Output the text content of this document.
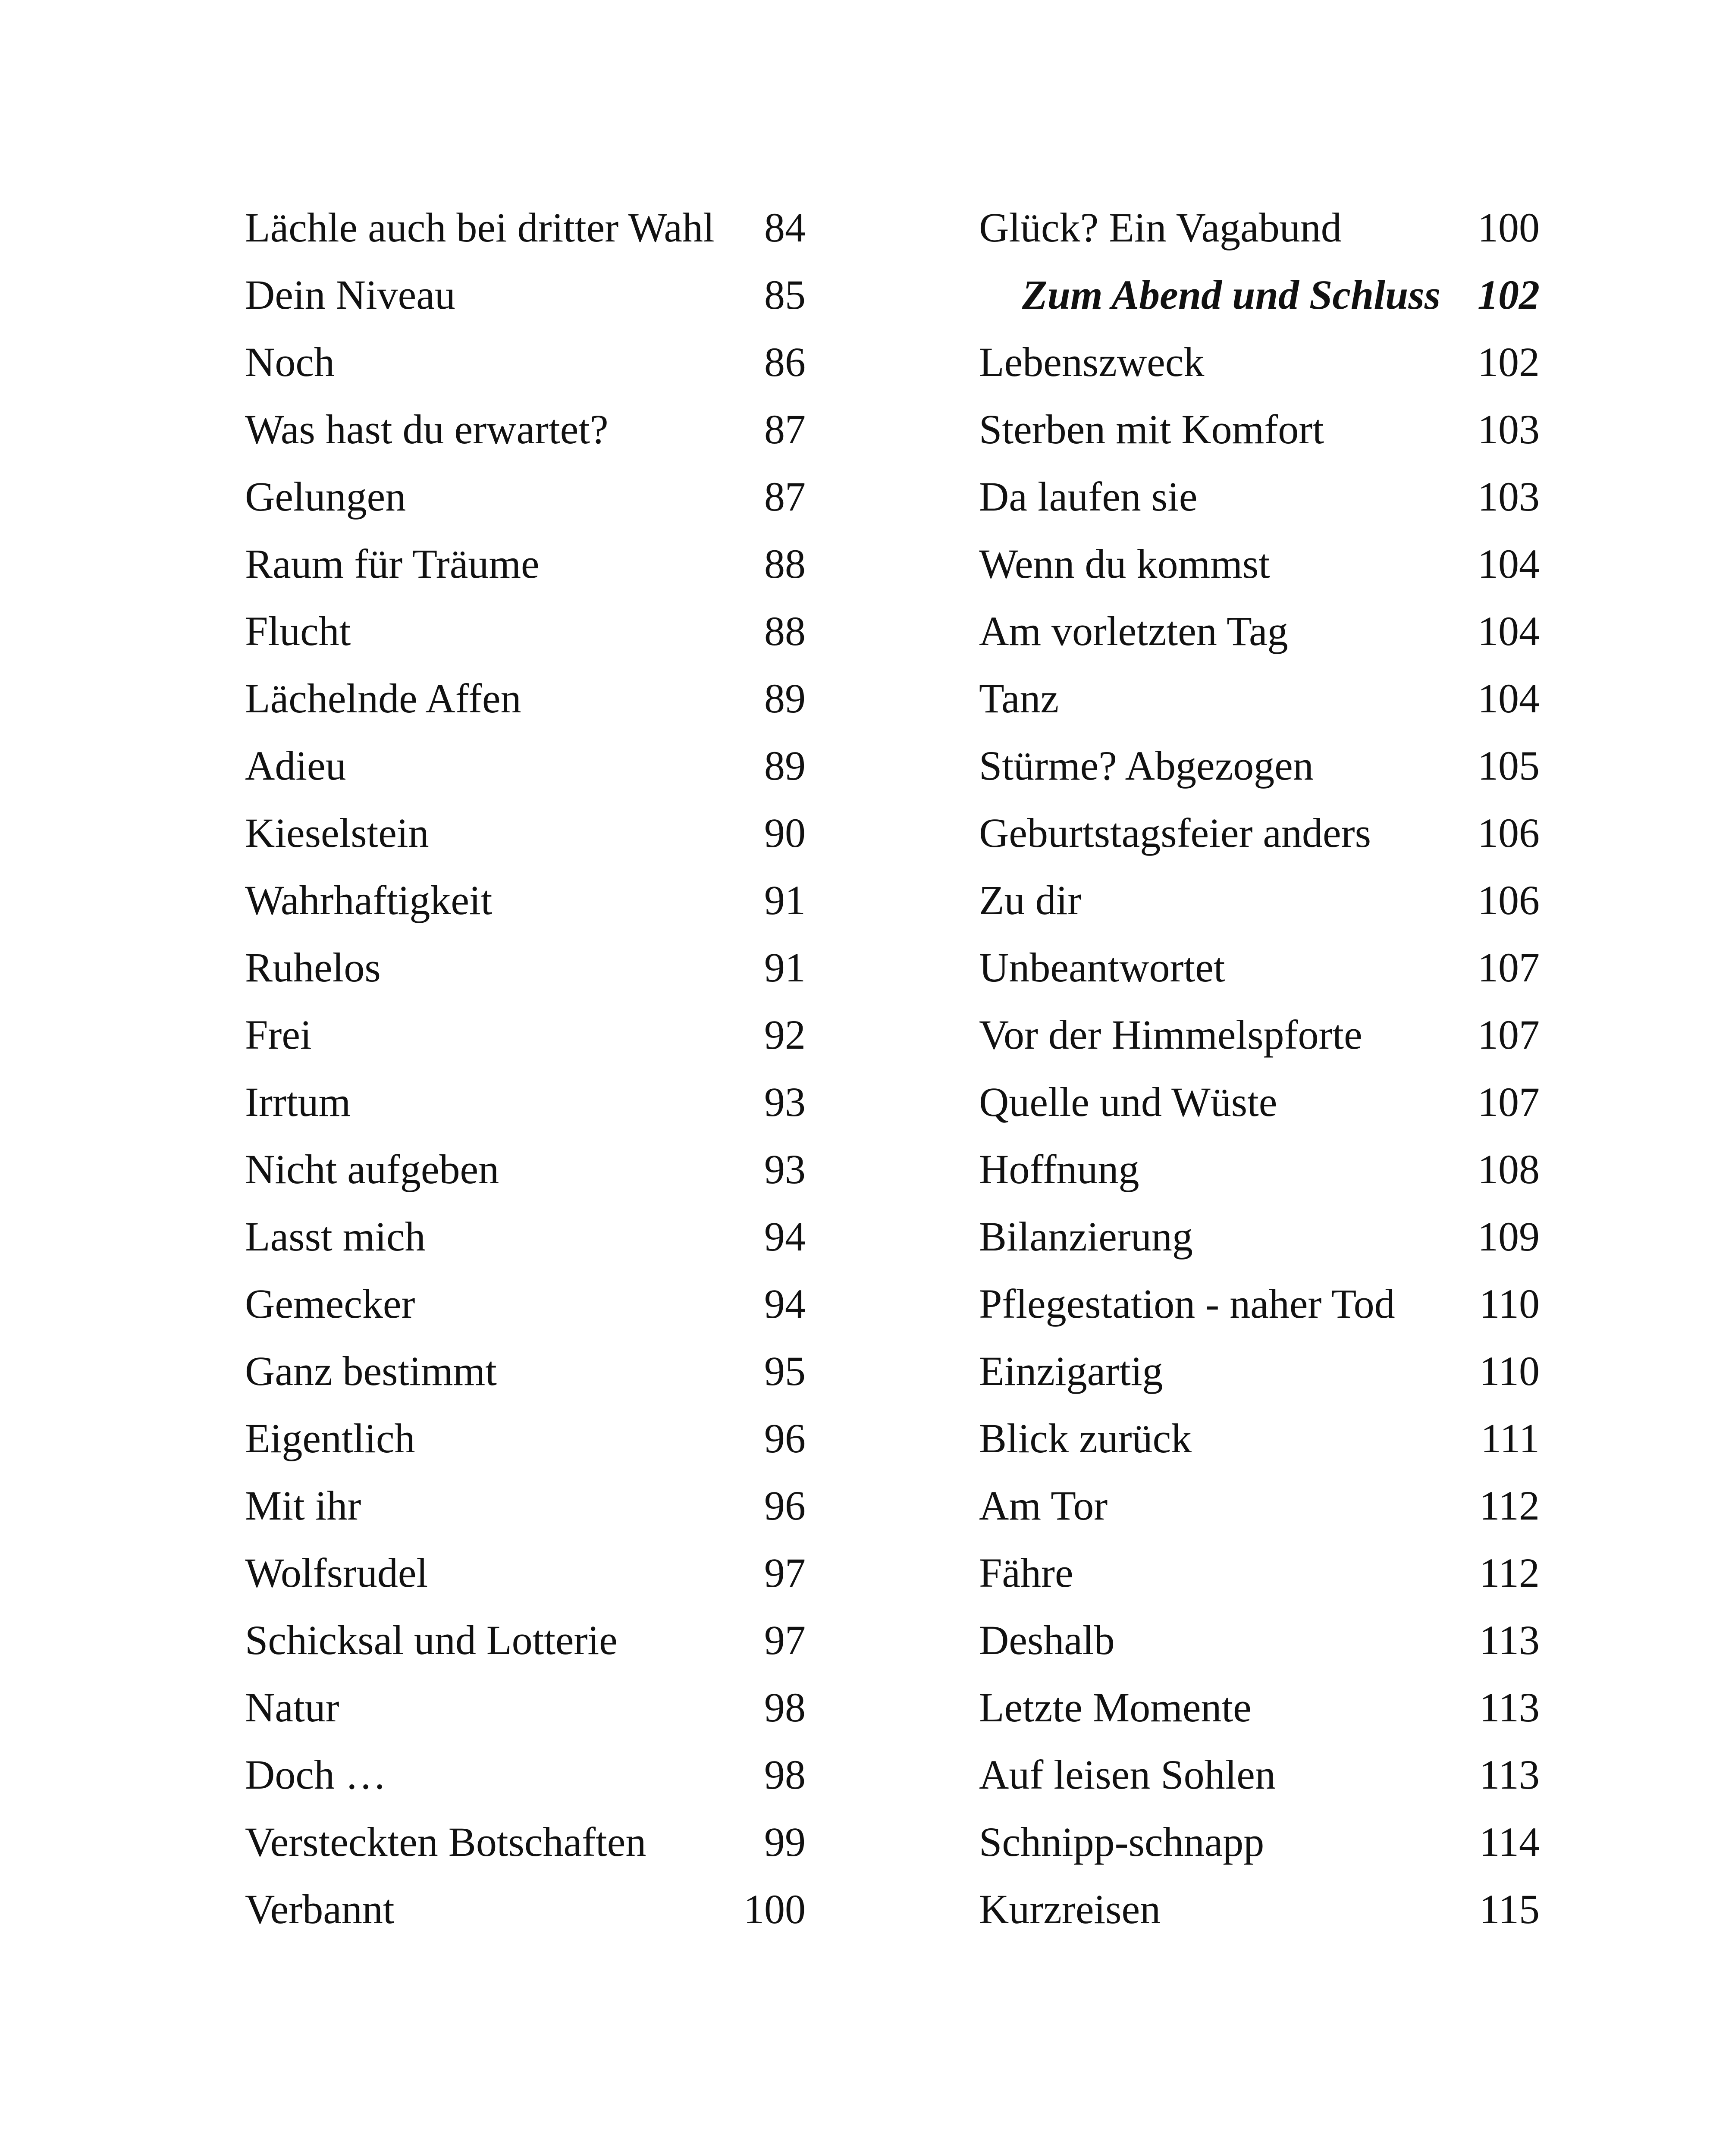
Lächle auch bei dritter Wahl 84
Dein Niveau	85
Noch	86
Was hast du erwartet?	87
Gelungen	87
Raum für Träume	88
Flucht	88
Lächelnde Affen	89
Adieu	89
Kieselstein	90
Wahrhaftigkeit	91
Ruhelos	91
Frei	92
Irrtum	93
Nicht aufgeben	93
Lasst mich	94
Gemecker	94
Ganz bestimmt	95
Eigentlich	96
Mit ihr	96
Wolfsrudel	97
Schicksal und Lotterie	97
Natur	98
Doch …	98
Versteckten Botschaften	99
Verbannt	100
Glück? Ein Vagabund	100
Zum Abend und Schluss 102
Lebenszweck	102
Sterben mit Komfort	103
Da laufen sie	103
Wenn du kommst	104
Am vorletzten Tag	104
Tanz	104
Stürme? Abgezogen	105
Geburtstagsfeier anders	106
Zu dir	106
Unbeantwortet	107
Vor der Himmelspforte	107
Quelle und Wüste	107
Hoffnung	108
Bilanzierung	109
Pflegestation - naher Tod 110
Einzigartig	110
Blick zurück	111
Am Tor	112
Fähre	112
Deshalb	113
Letzte Momente	113
Auf leisen Sohlen	113
Schnipp-schnapp	114
Kurzreisen	115
